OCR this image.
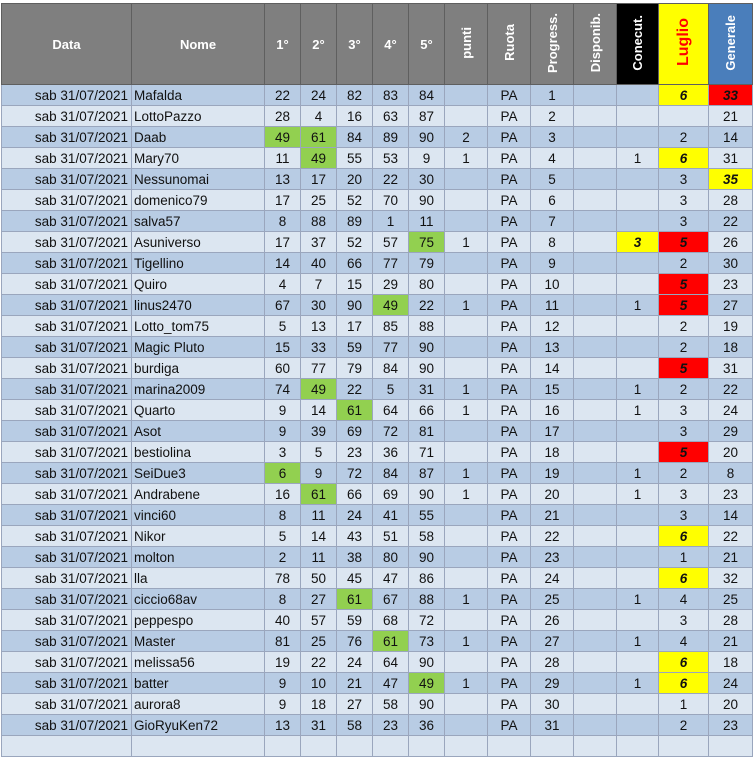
Data	Nome	1°	2°	3°	4°	5°	punti	Ruota	Progress.	Disponib.	Conecut.	Luglio	Generale
sab 31/07/2021	Mafalda	22	24	82	83	84		PA	1			6	33
sab 31/07/2021	LottoPazzo	28	4	16	63	87		PA	2				21
sab 31/07/2021	Daab	49	61	84	89	90	2	PA	3			2	14
sab 31/07/2021	Mary70	11	49	55	53	9	1	PA	4		1	6	31
sab 31/07/2021	Nessunomai	13	17	20	22	30		PA	5			3	35
sab 31/07/2021	domenico79	17	25	52	70	90		PA	6			3	28
sab 31/07/2021	salva57	8	88	89	1	11		PA	7			3	22
sab 31/07/2021	Asuniverso	17	37	52	57	75	1	PA	8		3	5	26
sab 31/07/2021	Tigellino	14	40	66	77	79		PA	9			2	30
sab 31/07/2021	Quiro	4	7	15	29	80		PA	10			5	23
sab 31/07/2021	linus2470	67	30	90	49	22	1	PA	11		1	5	27
sab 31/07/2021	Lotto_tom75	5	13	17	85	88		PA	12			2	19
sab 31/07/2021	Magic Pluto	15	33	59	77	90		PA	13			2	18
sab 31/07/2021	burdiga	60	77	79	84	90		PA	14			5	31
sab 31/07/2021	marina2009	74	49	22	5	31	1	PA	15		1	2	22
sab 31/07/2021	Quarto	9	14	61	64	66	1	PA	16		1	3	24
sab 31/07/2021	Asot	9	39	69	72	81		PA	17			3	29
sab 31/07/2021	bestiolina	3	5	23	36	71		PA	18			5	20
sab 31/07/2021	SeiDue3	6	9	72	84	87	1	PA	19		1	2	8
sab 31/07/2021	Andrabene	16	61	66	69	90	1	PA	20		1	3	23
sab 31/07/2021	vinci60	8	11	24	41	55		PA	21			3	14
sab 31/07/2021	Nikor	5	14	43	51	58		PA	22			6	22
sab 31/07/2021	molton	2	11	38	80	90		PA	23			1	21
sab 31/07/2021	lla	78	50	45	47	86		PA	24			6	32
sab 31/07/2021	ciccio68av	8	27	61	67	88	1	PA	25		1	4	25
sab 31/07/2021	peppespo	40	57	59	68	72		PA	26			3	28
sab 31/07/2021	Master	81	25	76	61	73	1	PA	27		1	4	21
sab 31/07/2021	melissa56	19	22	24	64	90		PA	28			6	18
sab 31/07/2021	batter	9	10	21	47	49	1	PA	29		1	6	24
sab 31/07/2021	aurora8	9	18	27	58	90		PA	30			1	20
sab 31/07/2021	GioRyuKen72	13	31	58	23	36		PA	31			2	23
